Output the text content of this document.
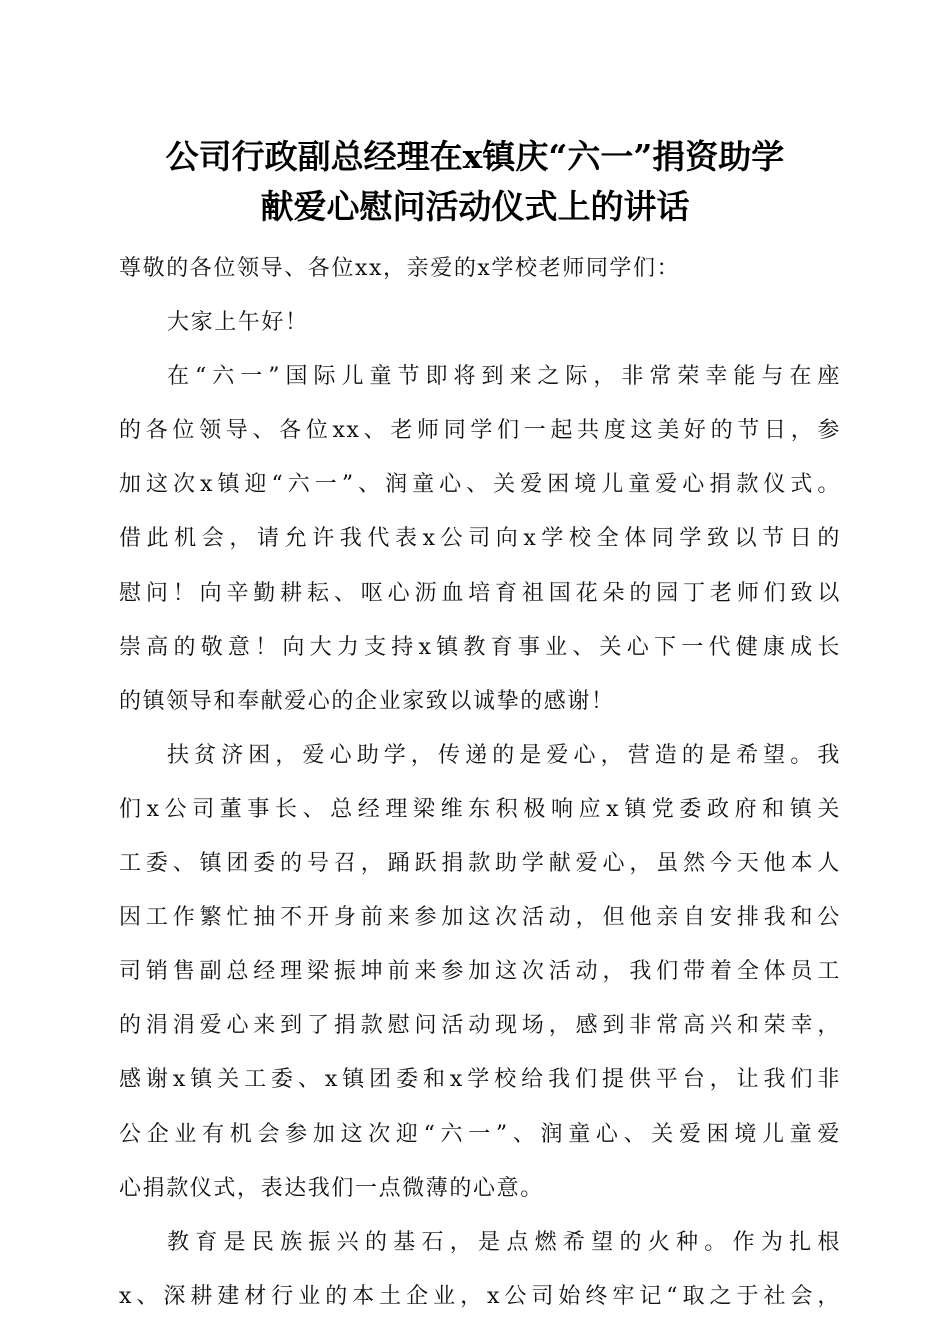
公司行政副总经理在x镇庆“六一”捐资助学
献爱心慰问活动仪式上的讲话
尊敬的各位领导、各位xx，亲爱的x学校老师同学们：
大家上午好！
在“六一”国际儿童节即将到来之际，非常荣幸能与在座
的各位领导、各位xx、老师同学们一起共度这美好的节日，参
加这次x镇迎“六一”、润童心、关爱困境儿童爱心捐款仪式。
借此机会，请允许我代表x公司向x学校全体同学致以节日的
慰问！向辛勤耕耘、呕心沥血培育祖国花朵的园丁老师们致以
崇高的敬意！向大力支持x镇教育事业、关心下一代健康成长
的镇领导和奉献爱心的企业家致以诚挚的感谢！
扶贫济困，爱心助学，传递的是爱心，营造的是希望。我
们x公司董事长、总经理梁维东积极响应x镇党委政府和镇关
工委、镇团委的号召，踊跃捐款助学献爱心，虽然今天他本人
因工作繁忙抽不开身前来参加这次活动，但他亲自安排我和公
司销售副总经理梁振坤前来参加这次活动，我们带着全体员工
的涓涓爱心来到了捐款慰问活动现场，感到非常高兴和荣幸，
感谢x镇关工委、x镇团委和x学校给我们提供平台，让我们非
公企业有机会参加这次迎“六一”、润童心、关爱困境儿童爱
心捐款仪式，表达我们一点微薄的心意。
教育是民族振兴的基石，是点燃希望的火种。作为扎根
x、深耕建材行业的本土企业，x公司始终牢记“取之于社会，
